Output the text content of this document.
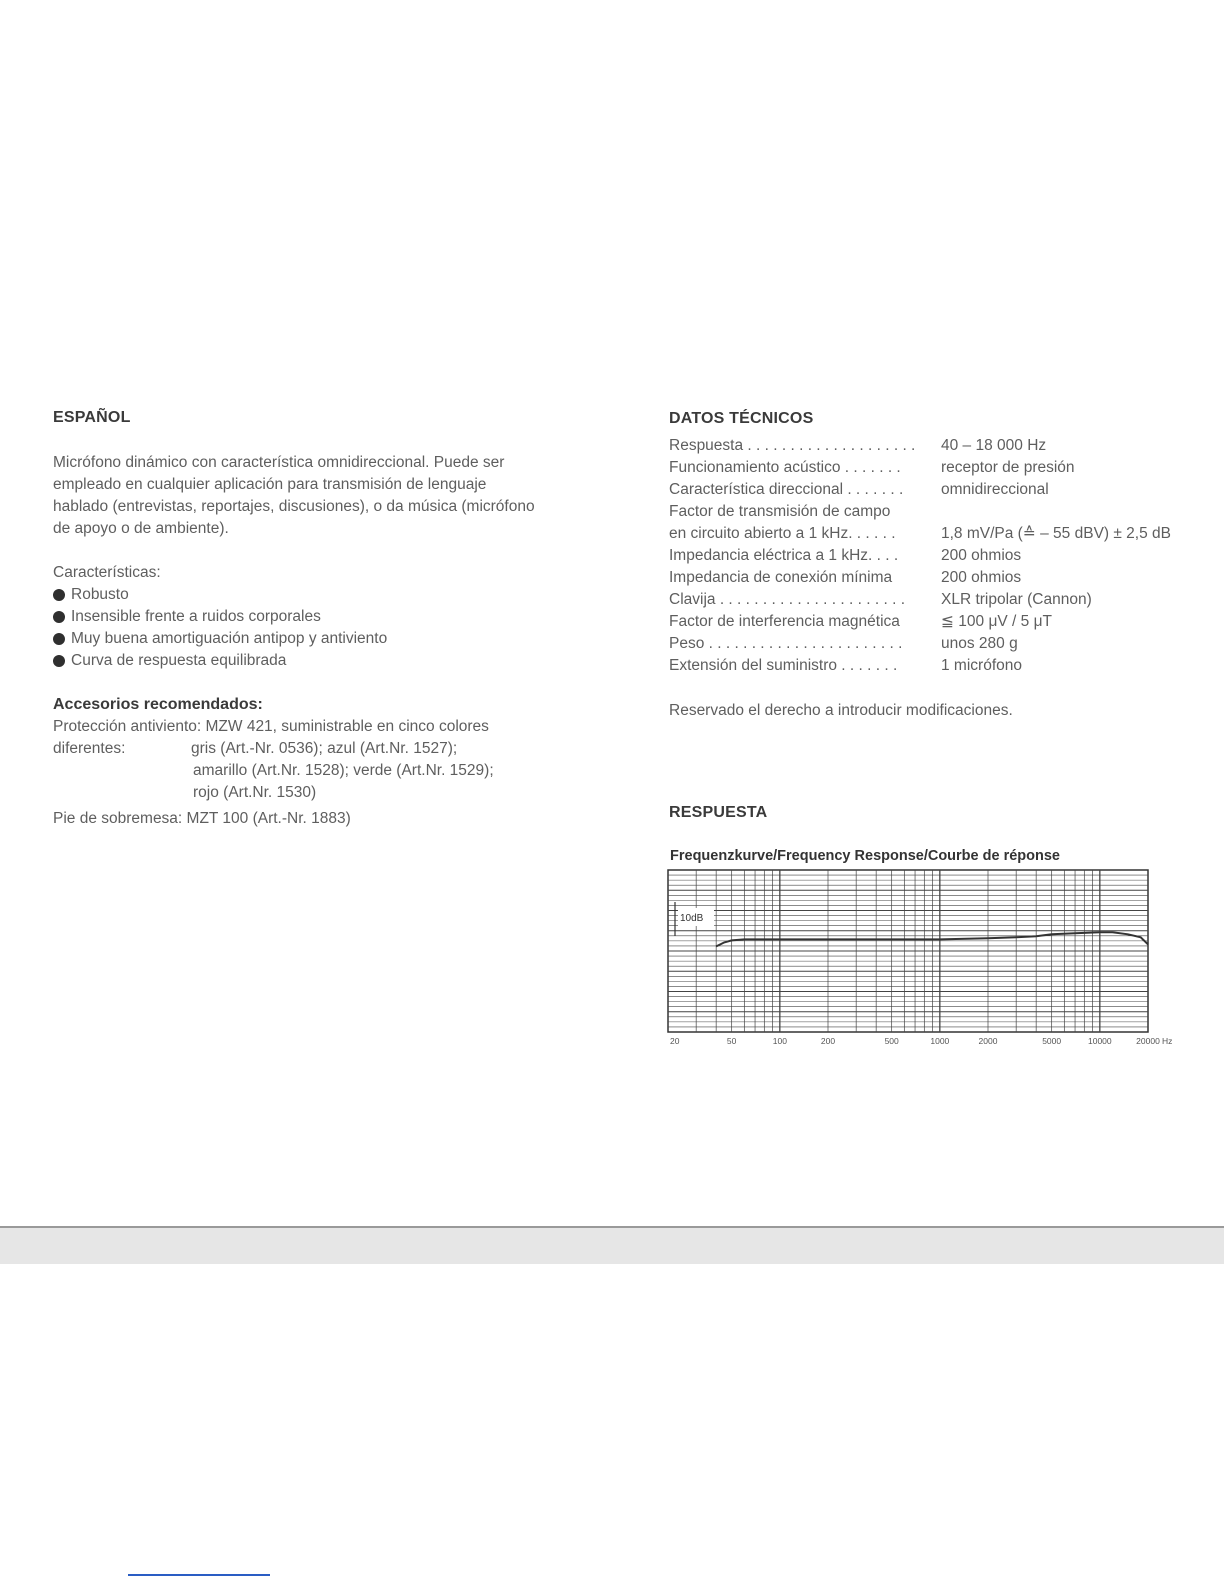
ESPAÑOL
Micrófono dinámico con característica omnidireccional. Puede ser
empleado en cualquier aplicación para transmisión de lenguaje
hablado (entrevistas, reportajes, discusiones), o da música (micrófono
de apoyo o de ambiente).
Características:
Robusto
Insensible frente a ruidos corporales
Muy buena amortiguación antipop y antiviento
Curva de respuesta equilibrada
Accesorios recomendados:
Protección antiviento: MZW 421, suministrable en cinco colores
diferentes:	gris (Art.-Nr. 0536); azul (Art.Nr. 1527);
amarillo (Art.Nr. 1528); verde (Art.Nr. 1529);
rojo (Art.Nr. 1530)
Pie de sobremesa: MZT 100 (Art.-Nr. 1883)
DATOS TÉCNICOS
Respuesta . . . . . . . . . . . . . . . . . . . .	40 – 18 000 Hz
Funcionamiento acústico . . . . . . .	receptor de presión
Característica direccional . . . . . . .	omnidireccional
Factor de transmisión de campo	
en circuito abierto a 1 kHz. . . . . .	1,8 mV/Pa (≙ – 55 dBV) ± 2,5 dB
Impedancia eléctrica a 1 kHz. . . .	200 ohmios
Impedancia de conexión mínima	200 ohmios
Clavija . . . . . . . . . . . . . . . . . . . . . .	XLR tripolar (Cannon)
Factor de interferencia magnética	≦ 100 μV / 5 μT
Peso . . . . . . . . . . . . . . . . . . . . . . .	unos 280 g
Extensión del suministro . . . . . . .	1 micrófono
Reservado el derecho a introducir modificaciones.
RESPUESTA
Frequenzkurve/Frequency Response/Courbe de réponse
20	50	100	200	500	1000	2000	5000	10000	20000 Hz
10dB
